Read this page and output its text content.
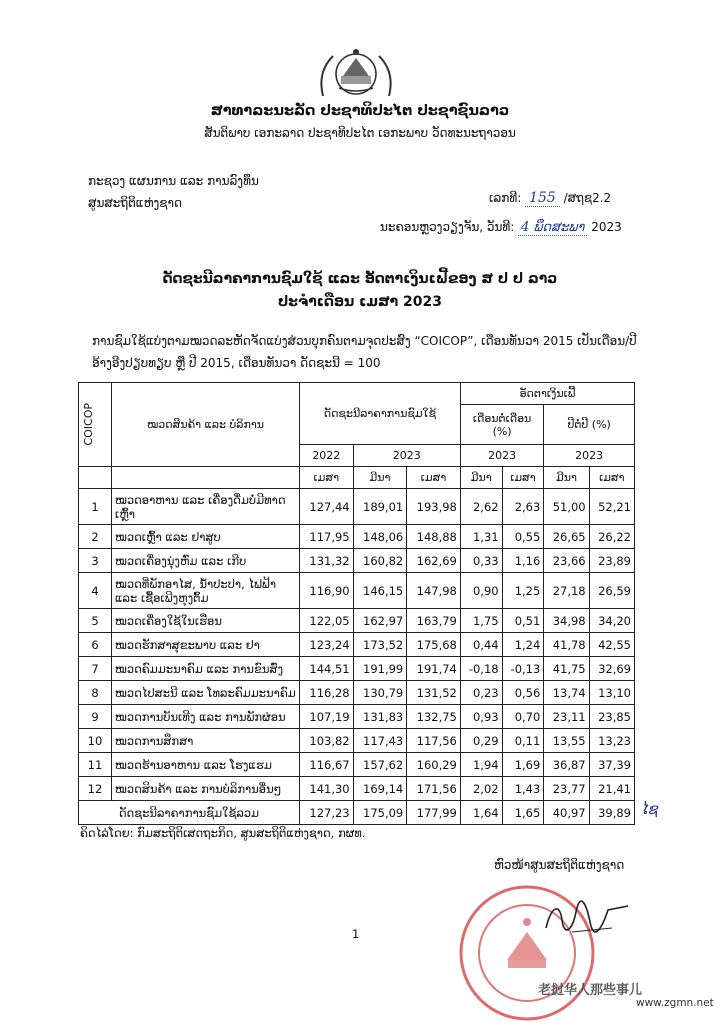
ສາທາລະນະລັດ ປະຊາທິປະໄຕ ປະຊາຊົນລາວ
ສັນຕິພາບ ເອກະລາດ ປະຊາທິປະໄຕ ເອກະພາບ ວັດທະນະຖາວອນ
ກະຊວງ ແຜນການ ແລະ ການລົງທຶນ
ສູນສະຖິຕິແຫ່ງຊາດ	ເລກທີ: 155 /ສຖຊ2.2
ນະຄອນຫຼວງວຽງຈັນ, ວັນທີ: 4 ພຶດສະພາ 2023
ດັດຊະນີລາຄາການຊົມໃຊ້ ແລະ ອັດຕາເງິນເຟີ້ຂອງ ສ ປ ປ ລາວ
ປະຈຳເດືອນ ເມສາ 2023
ການຊົມໃຊ້ແບ່ງຕາມໝວດລະຫັດຈັດແບ່ງສ່ວນບຸກຄົນຕາມຈຸດປະສົງ “COICOP”, ເດືອນທັນວາ 2015 ເປັນເດືອນ/ປີ ອ້າງອີງປຽບທຽບ ຫຼື ປີ 2015, ເດືອນທັນວາ ດັດຊະນີ = 100
COICOP	ໝວດສິນຄ້າ ແລະ ບໍລິການ	ດັດຊະນີລາຄາການຊົມໃຊ້			ອັດຕາເງິນເຟີ້			
					ເດືອນຕໍ່ເດືອນ
(%)		ປີຕໍ່ປີ (%)	
		2022	2023		2023		2023	
		ເມສາ	ມີນາ	ເມສາ	ມີນາ	ເມສາ	ມີນາ	ເມສາ
1	ໝວດອາຫານ ແລະ ເຄື່ອງດື່ມບໍ່ມີທາດເຫຼົ້າ	127,44	189,01	193,98	2,62	2,63	51,00	52,21
2	ໝວດເຫຼົ້າ ແລະ ຢາສູບ	117,95	148,06	148,88	1,31	0,55	26,65	26,22
3	ໝວດເຄື່ອງນຸ່ງຫົ່ມ ແລະ ເກີບ	131,32	160,82	162,69	0,33	1,16	23,66	23,89
4	ໝວດທີ່ພັກອາໄສ, ນ້ຳປະປາ, ໄຟຟ້າ ແລະ ເຊື້ອເພີງຫຸງຕົ້ມ	116,90	146,15	147,98	0,90	1,25	27,18	26,59
5	ໝວດເຄື່ອງໃຊ້ໃນເຮືອນ	122,05	162,97	163,79	1,75	0,51	34,98	34,20
6	ໝວດຮັກສາສຸຂະພາບ ແລະ ຢາ	123,24	173,52	175,68	0,44	1,24	41,78	42,55
7	ໝວດຄົມມະນາຄົມ ແລະ ການຂົນສົ່ງ	144,51	191,99	191,74	-0,18	-0,13	41,75	32,69
8	ໝວດໄປສະນີ ແລະ ໂທລະຄົມມະນາຄົມ	116,28	130,79	131,52	0,23	0,56	13,74	13,10
9	ໝວດການບັນເທີງ ແລະ ການພັກຜ່ອນ	107,19	131,83	132,75	0,93	0,70	23,11	23,85
10	ໝວດການສຶກສາ	103,82	117,43	117,56	0,29	0,11	13,55	13,23
11	ໝວດຮ້ານອາຫານ ແລະ ໂຮງແຮມ	116,67	157,62	160,29	1,94	1,69	36,87	37,39
12	ໝວດສິນຄ້າ ແລະ ການບໍລິການອື່ນໆ	141,30	169,14	171,56	2,02	1,43	23,77	21,41
ດັດຊະນີລາຄາການຊົມໃຊ້ລວມ		127,23	175,09	177,99	1,64	1,65	40,97	39,89 ໄຊ
ຄິດໄລ່ໂດຍ: ກົມສະຖິຕິເສດຖະກິດ, ສູນສະຖິຕິແຫ່ງຊາດ, ກຜທ.
ຫົວໜ້າສູນສະຖິຕິແຫ່ງຊາດ
1
老挝华人那些事儿
www.zgmn.net
